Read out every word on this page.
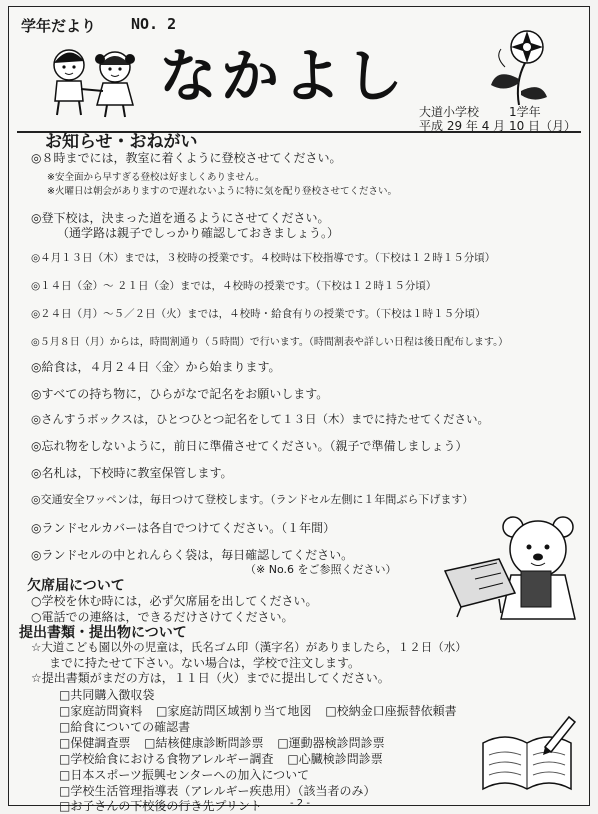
学年だより NO. 2
なかよし
大道小学校 1学年
平成 29 年 4 月 10 日（月）
お知らせ・おねがい
◎８時までには，教室に着くように登校させてください。
※安全面から早すぎる登校は好ましくありません。
※火曜日は朝会がありますので遅れないように特に気を配り登校させてください。
◎登下校は，決まった道を通るようにさせてください。
（通学路は親子でしっかり確認しておきましょう。）
◎４月１３日（木）までは，３校時の授業です。４校時は下校指導です。（下校は１２時１５分頃）
◎１４日（金）～ ２１日（金）までは，４校時の授業です。（下校は１２時１５分頃）
◎２４日（月）～５／２日（火）までは，４校時・給食有りの授業です。（下校は１時１５分頃）
◎５月８日（月）からは，時間割通り（５時間）で行います。（時間割表や詳しい日程は後日配布します。）
◎給食は，４月２４日〈金〉から始まります。
◎すべての持ち物に，ひらがなで記名をお願いします。
◎さんすうボックスは，ひとつひとつ記名をして１３日（木）までに持たせてください。
◎忘れ物をしないように，前日に準備させてください。（親子で準備しましょう）
◎名札は，下校時に教室保管します。
◎交通安全ワッペンは，毎日つけて登校します。（ランドセル左側に１年間ぶら下げます）
◎ランドセルカバーは各自でつけてください。（１年間）
◎ランドセルの中とれんらく袋は，毎日確認してください。
（※ No.6 をご参照ください）
欠席届について
○学校を休む時には，必ず欠席届を出してください。
○電話での連絡は，できるだけさけてください。
提出書類・提出物について
☆大道こども園以外の児童は，氏名ゴム印（漢字名）がありましたら，１２日（水）
までに持たせて下さい。ない場合は，学校で注文します。
☆提出書類がまだの方は，１１日（火）までに提出してください。
□共同購入徴収袋
□家庭訪問資料 □家庭訪問区域割り当て地図 □校納金口座振替依頼書
□給食についての確認書
□保健調査票 □結核健康診断問診票 □運動器検診問診票
□学校給食における食物アレルギー調査 □心臓検診問診票
□日本スポーツ振興センターへの加入について
□学校生活管理指導表（アレルギー疾患用）（該当者のみ）
□お子さんの下校後の行き先プリント	- 2 -
